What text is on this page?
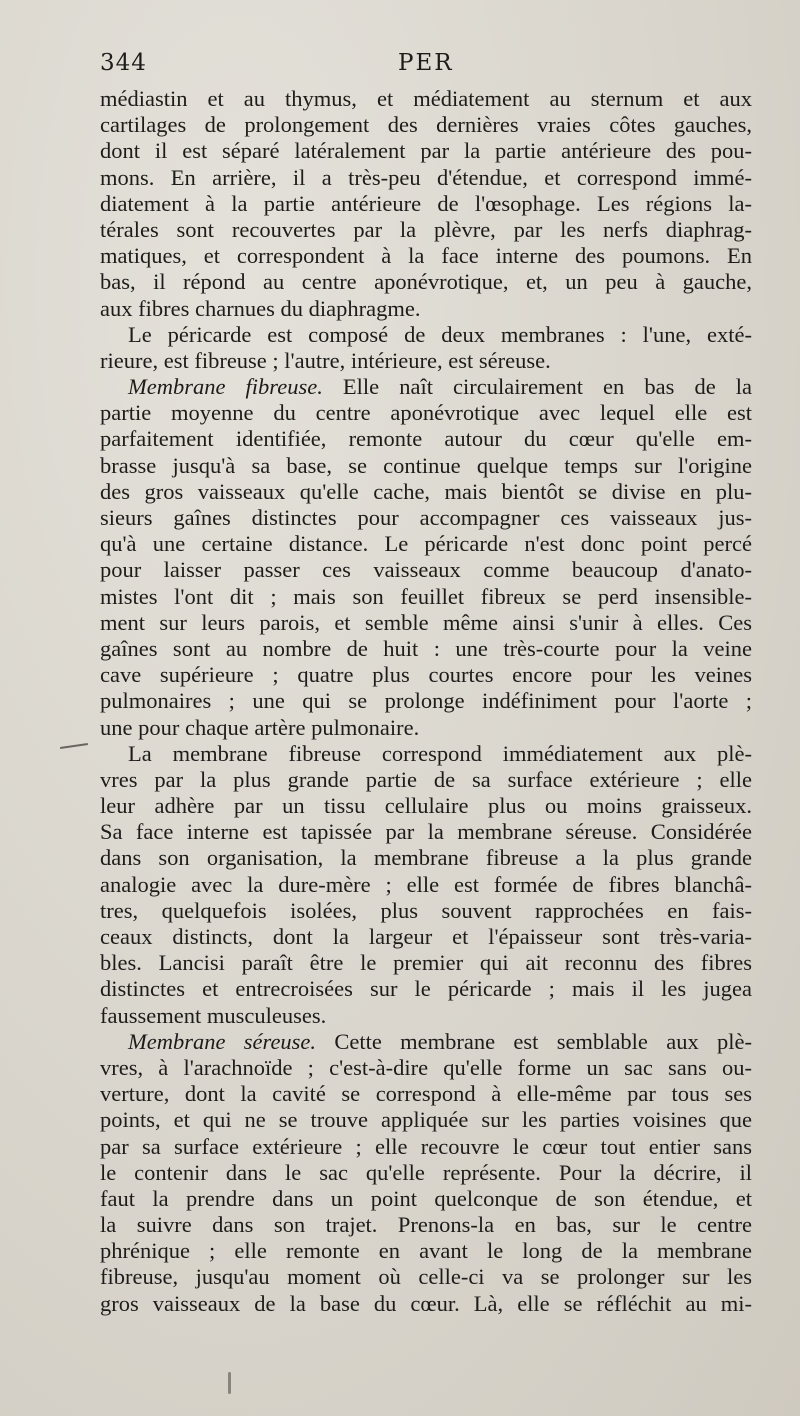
344	PER
médiastin et au thymus, et médiatement au sternum et aux
cartilages de prolongement des dernières vraies côtes gauches,
dont il est séparé latéralement par la partie antérieure des pou-
mons. En arrière, il a très-peu d'étendue, et correspond immé-
diatement à la partie antérieure de l'œsophage. Les régions la-
térales sont recouvertes par la plèvre, par les nerfs diaphrag-
matiques, et correspondent à la face interne des poumons. En
bas, il répond au centre aponévrotique, et, un peu à gauche,
aux fibres charnues du diaphragme.
Le péricarde est composé de deux membranes : l'une, exté-
rieure, est fibreuse ; l'autre, intérieure, est séreuse.
Membrane fibreuse. Elle naît circulairement en bas de la
partie moyenne du centre aponévrotique avec lequel elle est
parfaitement identifiée, remonte autour du cœur qu'elle em-
brasse jusqu'à sa base, se continue quelque temps sur l'origine
des gros vaisseaux qu'elle cache, mais bientôt se divise en plu-
sieurs gaînes distinctes pour accompagner ces vaisseaux jus-
qu'à une certaine distance. Le péricarde n'est donc point percé
pour laisser passer ces vaisseaux comme beaucoup d'anato-
mistes l'ont dit ; mais son feuillet fibreux se perd insensible-
ment sur leurs parois, et semble même ainsi s'unir à elles. Ces
gaînes sont au nombre de huit : une très-courte pour la veine
cave supérieure ; quatre plus courtes encore pour les veines
pulmonaires ; une qui se prolonge indéfiniment pour l'aorte ;
une pour chaque artère pulmonaire.
La membrane fibreuse correspond immédiatement aux plè-
vres par la plus grande partie de sa surface extérieure ; elle
leur adhère par un tissu cellulaire plus ou moins graisseux.
Sa face interne est tapissée par la membrane séreuse. Considérée
dans son organisation, la membrane fibreuse a la plus grande
analogie avec la dure-mère ; elle est formée de fibres blanchâ-
tres, quelquefois isolées, plus souvent rapprochées en fais-
ceaux distincts, dont la largeur et l'épaisseur sont très-varia-
bles. Lancisi paraît être le premier qui ait reconnu des fibres
distinctes et entrecroisées sur le péricarde ; mais il les jugea
faussement musculeuses.
Membrane séreuse. Cette membrane est semblable aux plè-
vres, à l'arachnoïde ; c'est-à-dire qu'elle forme un sac sans ou-
verture, dont la cavité se correspond à elle-même par tous ses
points, et qui ne se trouve appliquée sur les parties voisines que
par sa surface extérieure ; elle recouvre le cœur tout entier sans
le contenir dans le sac qu'elle représente. Pour la décrire, il
faut la prendre dans un point quelconque de son étendue, et
la suivre dans son trajet. Prenons-la en bas, sur le centre
phrénique ; elle remonte en avant le long de la membrane
fibreuse, jusqu'au moment où celle-ci va se prolonger sur les
gros vaisseaux de la base du cœur. Là, elle se réfléchit au mi-
